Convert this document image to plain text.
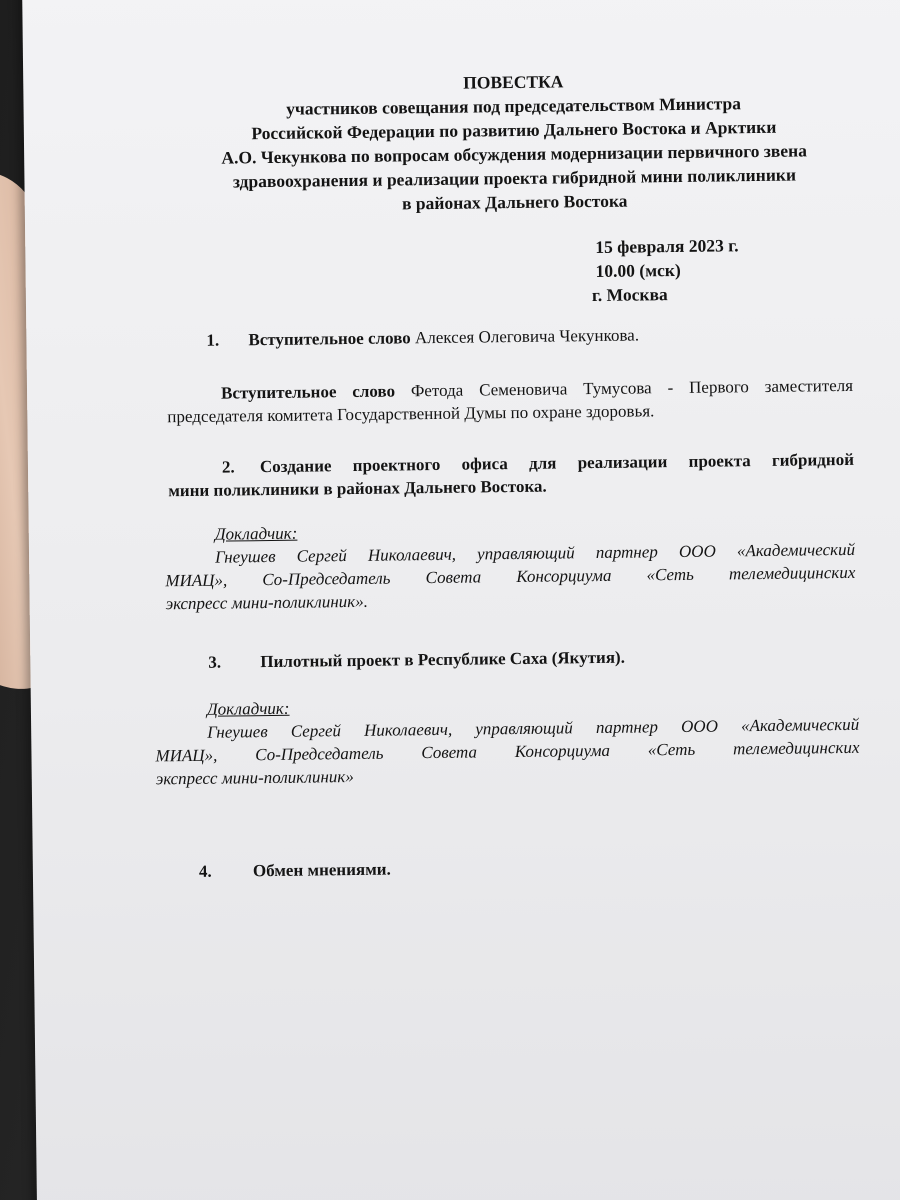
ПОВЕСТКА
участников совещания под председательством Министра
Российской Федерации по развитию Дальнего Востока и Арктики
А.О. Чекункова по вопросам обсуждения модернизации первичного звена
здравоохранения и реализации проекта гибридной мини поликлиники
в районах Дальнего Востока
15 февраля 2023 г.
10.00 (мск)
г. Москва
1. Вступительное слово Алексея Олеговича Чекункова.
Вступительное слово Фетода Семеновича Тумусова - Первого заместителя
председателя комитета Государственной Думы по охране здоровья.
2. Создание проектного офиса для реализации проекта гибридной
мини поликлиники в районах Дальнего Востока.
Докладчик:
Гнеушев Сергей Николаевич, управляющий партнер ООО «Академический
МИАЦ», Со-Председатель Совета Консорциума «Сеть телемедицинских
экспресс мини-поликлиник».
3. Пилотный проект в Республике Саха (Якутия).
Докладчик:
Гнеушев Сергей Николаевич, управляющий партнер ООО «Академический
МИАЦ», Со-Председатель Совета Консорциума «Сеть телемедицинских
экспресс мини-поликлиник»
4. Обмен мнениями.
